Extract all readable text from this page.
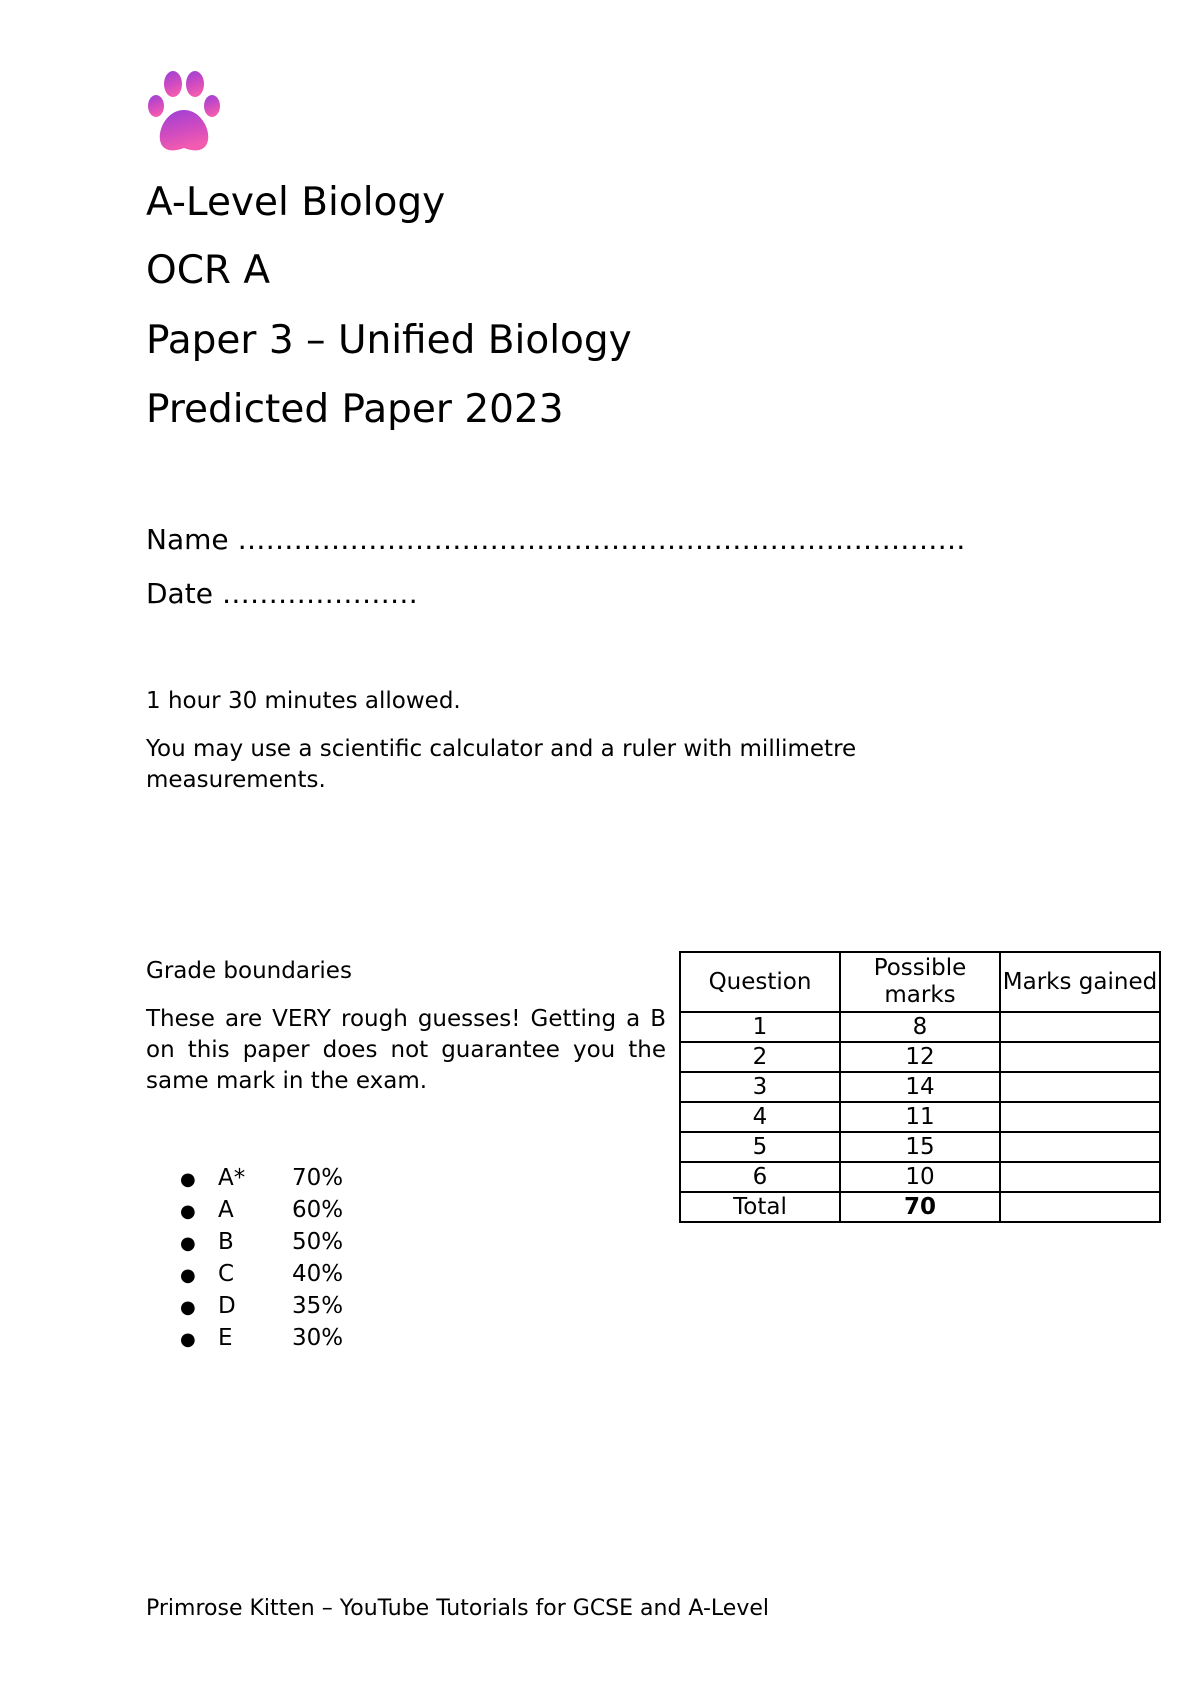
A-Level Biology
OCR A
Paper 3 – Unified Biology
Predicted Paper 2023
Name ……………………………………………………………………
Date …………………
1 hour 30 minutes allowed.
You may use a scientific calculator and a ruler with millimetre measurements.
Grade boundaries
These are VERY rough guesses! Getting a B on this paper does not guarantee you the same mark in the exam.
● A* 70%
● A	60%
● B	50%
● C	40%
● D 35%
● E	30%
Question	Possible marks	Marks gained
1	8	
2	12	
3	14	
4	11	
5	15	
6	10	
Total	70	
Primrose Kitten – YouTube Tutorials for GCSE and A-Level
